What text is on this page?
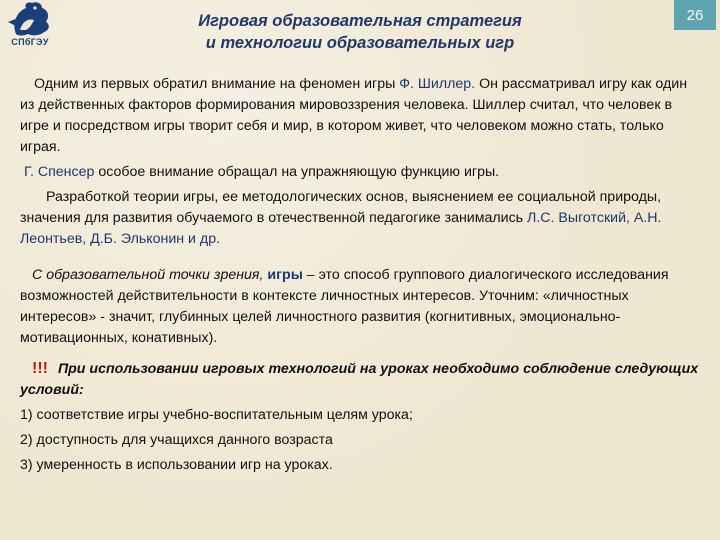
СПбГЭУ
Игровая образовательная стратегия
и технологии образовательных игр
26

Одним из первых обратил внимание на феномен игры Ф. Шиллер. Он рассматривал игру как один из действенных факторов формирования мировоззрения человека. Шиллер считал, что человек в игре и посредством игры творит себя и мир, в котором живет, что человеком можно стать, только играя.

Г. Спенсер особое внимание обращал на упражняющую функцию игры.

Разработкой теории игры, ее методологических основ, выяснением ее социальной природы, значения для развития обучаемого в отечественной педагогике занимались Л.С. Выготский, А.Н. Леонтьев, Д.Б. Эльконин и др.

С образовательной точки зрения, игры – это способ группового диалогического исследования возможностей действительности в контексте личностных интересов. Уточним: «личностных интересов» - значит, глубинных целей личностного развития (когнитивных, эмоционально-мотивационных, конативных).

!!! При использовании игровых технологий на уроках необходимо соблюдение следующих условий:

1) соответствие игры учебно-воспитательным целям урока;

2) доступность для учащихся данного возраста

3) умеренность в использовании игр на уроках.
